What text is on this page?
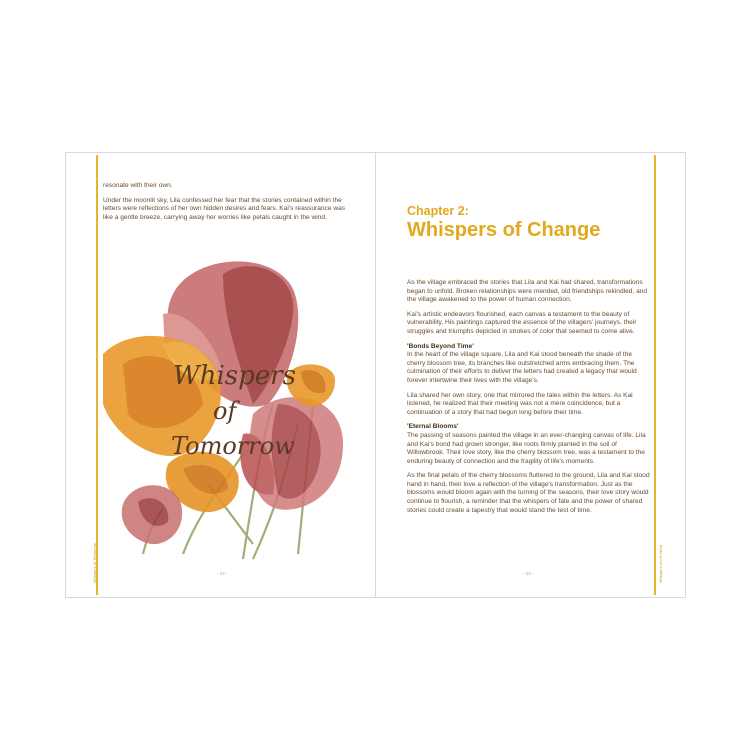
Whispers of Tomorrow

resonate with their own.

Under the moonlit sky, Lila confessed her fear that the stories contained within the letters were reflections of her own hidden desires and fears. Kai's reassurance was like a gentle breeze, carrying away her worries like petals caught in the wind.

Whispers
of
Tomorrow
- 12 -
Chapter 2:
Whispers of Change

As the village embraced the stories that Lila and Kai had shared, transformations began to unfold. Broken relationships were mended, old friendships rekindled, and the village awakened to the power of human connection.

Kai's artistic endeavors flourished, each canvas a testament to the beauty of vulnerability. His paintings captured the essence of the villagers' journeys, their struggles and triumphs depicted in strokes of color that seemed to come alive.

'Bonds Beyond Time'
In the heart of the village square, Lila and Kai stood beneath the shade of the cherry blossom tree, its branches like outstretched arms embracing them. The culmination of their efforts to deliver the letters had created a legacy that would forever intertwine their lives with the village's.

Lila shared her own story, one that mirrored the tales within the letters. As Kai listened, he realized that their meeting was not a mere coincidence, but a continuation of a story that had begun long before their time.

'Eternal Blooms'
The passing of seasons painted the village in an ever-changing canvas of life. Lila and Kai's bond had grown stronger, like roots firmly planted in the soil of Willowbrook. Their love story, like the cherry blossom tree, was a testament to the enduring beauty of connection and the fragility of life's moments.

As the final petals of the cherry blossoms fluttered to the ground, Lila and Kai stood hand in hand, their love a reflection of the village's transformation. Just as the blossoms would bloom again with the turning of the seasons, their love story would continue to flourish, a reminder that the whispers of fate and the power of shared stories could create a tapestry that would stand the test of time.

- 13 -	Whispers of the Wind
